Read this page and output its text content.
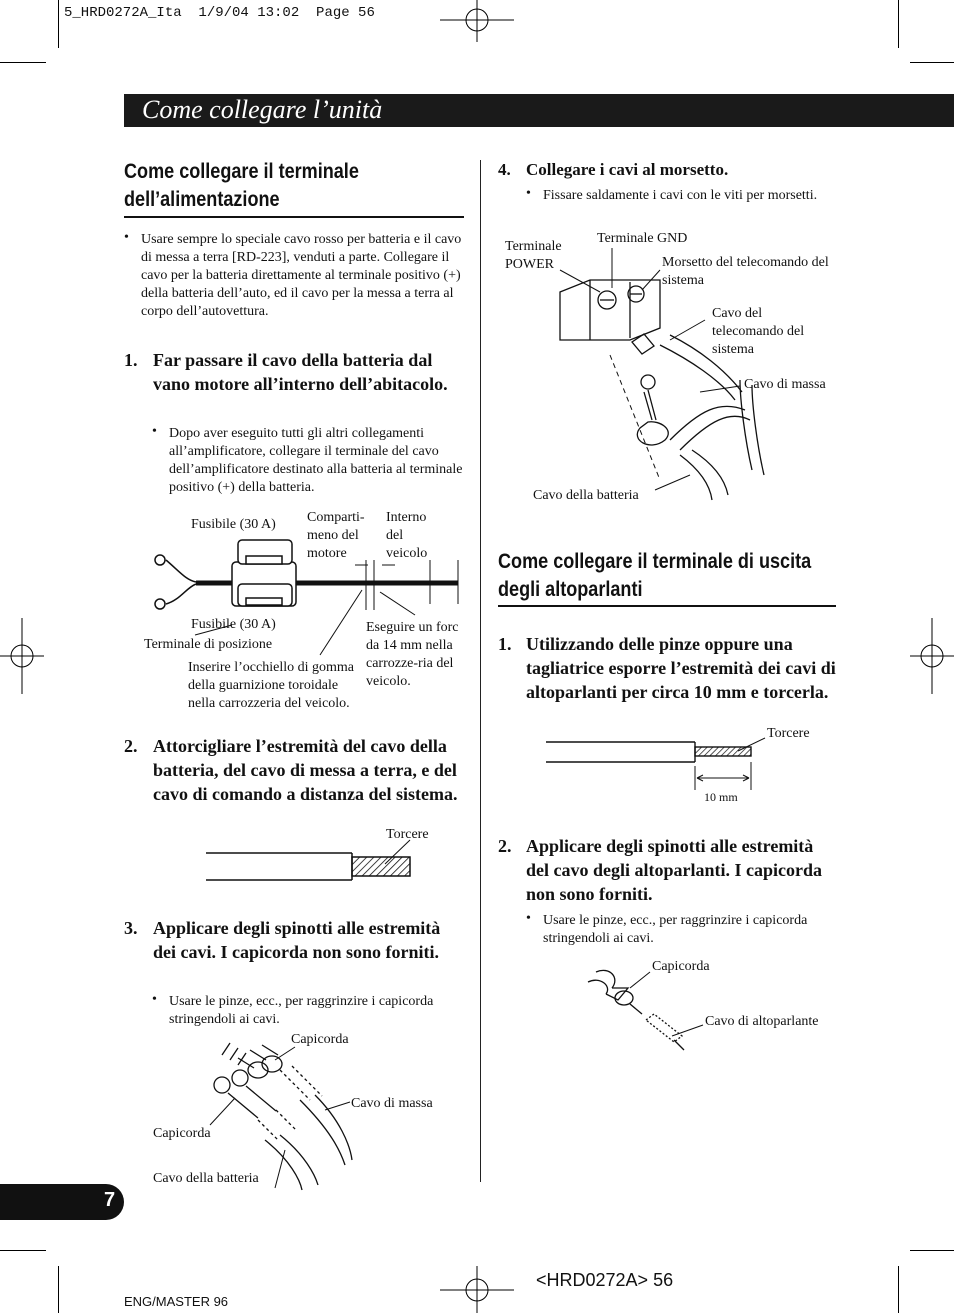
5_HRD0272A_Ita  1/9/04 13:02  Page 56
Come collegare l’unità
Come collegare il terminale dell’alimentazione
• Usare sempre lo speciale cavo rosso per batteria e il cavo di messa a terra [RD-223], venduti a parte. Collegare il cavo per la batteria direttamente al terminale positivo (+) della batteria dell’auto, ed il cavo per la messa a terra al corpo dell’autovettura.
1. Far passare il cavo della batteria dal vano motore all’interno dell’abitacolo.
• Dopo aver eseguito tutti gli altri collegamenti all’amplificatore, collegare il terminale del cavo dell’amplificatore destinato alla batteria al terminale positivo (+) della batteria.
Fusibile (30 A) Comparti-meno del motore
Interno del veicolo
Fusibile (30 A)
Terminale di posizione
Inserire l’occhiello di gomma della guarnizione toroidale nella carrozzeria del veicolo.
Eseguire un forc da 14 mm nella carrozze-ria del veicolo.
2. Attorcigliare l’estremità del cavo della batteria, del cavo di messa a terra, e del cavo di comando a distanza del sistema.
Torcere
3. Applicare degli spinotti alle estremità dei cavi. I capicorda non sono forniti.
• Usare le pinze, ecc., per raggrinzire i capicorda stringendoli ai cavi.
Capicorda
Cavo di massa
Capicorda
Cavo della batteria
4. Collegare i cavi al morsetto.
• Fissare saldamente i cavi con le viti per morsetti.
Terminale POWER
Terminale GND
Morsetto del telecomando del sistema
Cavo del telecomando del sistema
Cavo di massa
Cavo della batteria
Come collegare il terminale di uscita degli altoparlanti
1. Utilizzando delle pinze oppure una tagliatrice esporre l’estremità dei cavi di altoparlanti per circa 10 mm e torcerla.
Torcere
10 mm
2. Applicare degli spinotti alle estremità del cavo degli altoparlanti. I capicorda non sono forniti.
• Usare le pinze, ecc., per raggrinzire i capicorda stringendoli ai cavi.
Capicorda
Cavo di altoparlante
7
ENG/MASTER 96
<HRD0272A> 56
